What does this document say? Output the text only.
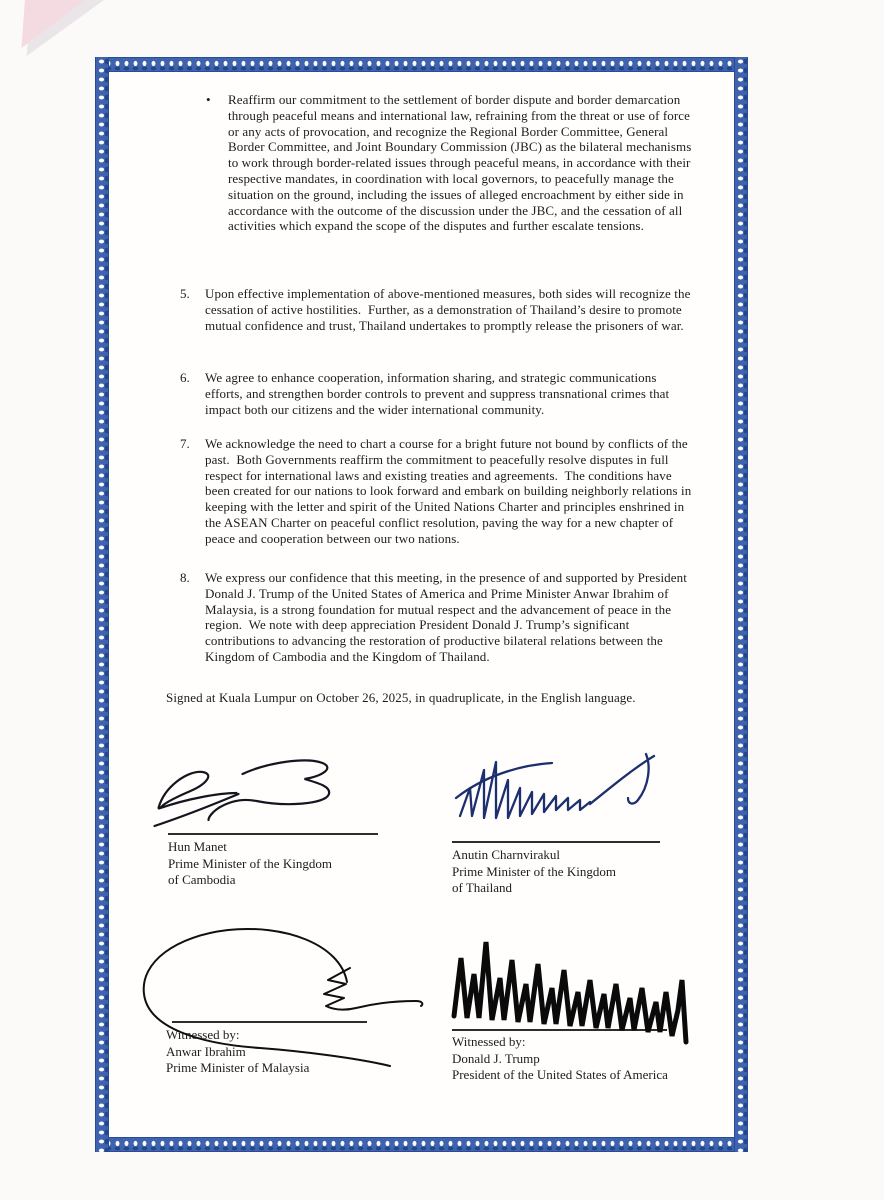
• Reaffirm our commitment to the settlement of border dispute and border demarcation through peaceful means and international law, refraining from the threat or use of force or any acts of provocation, and recognize the Regional Border Committee, General Border Committee, and Joint Boundary Commission (JBC) as the bilateral mechanisms to work through border-related issues through peaceful means, in accordance with their respective mandates, in coordination with local governors, to peacefully manage the situation on the ground, including the issues of alleged encroachment by either side in accordance with the outcome of the discussion under the JBC, and the cessation of all activities which expand the scope of the disputes and further escalate tensions.
5. Upon effective implementation of above-mentioned measures, both sides will recognize the cessation of active hostilities.  Further, as a demonstration of Thailand’s desire to promote mutual confidence and trust, Thailand undertakes to promptly release the prisoners of war.
6. We agree to enhance cooperation, information sharing, and strategic communications efforts, and strengthen border controls to prevent and suppress transnational crimes that impact both our citizens and the wider international community.
7. We acknowledge the need to chart a course for a bright future not bound by conflicts of the past.  Both Governments reaffirm the commitment to peacefully resolve disputes in full respect for international laws and existing treaties and agreements.  The conditions have been created for our nations to look forward and embark on building neighborly relations in keeping with the letter and spirit of the United Nations Charter and principles enshrined in the ASEAN Charter on peaceful conflict resolution, paving the way for a new chapter of peace and cooperation between our two nations.
8. We express our confidence that this meeting, in the presence of and supported by President Donald J. Trump of the United States of America and Prime Minister Anwar Ibrahim of Malaysia, is a strong foundation for mutual respect and the advancement of peace in the region.  We note with deep appreciation President Donald J. Trump’s significant contributions to advancing the restoration of productive bilateral relations between the Kingdom of Cambodia and the Kingdom of Thailand.
Signed at Kuala Lumpur on October 26, 2025, in quadruplicate, in the English language.
Hun Manet
Prime Minister of the Kingdom
of Cambodia
Anutin Charnvirakul
Prime Minister of the Kingdom
of Thailand
Witnessed by:
Anwar Ibrahim
Prime Minister of Malaysia
Witnessed by:
Donald J. Trump
President of the United States of America
